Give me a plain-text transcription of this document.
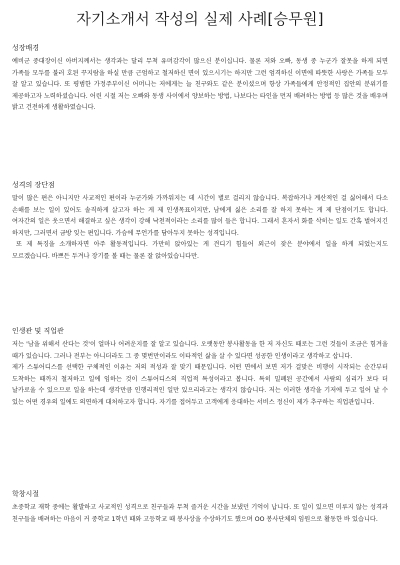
자기소개서 작성의 실제 사례[승무원]
성장배경

예비군 중대장이신 아버지께서는 생각과는 달리 무척 유머감각이 많으신 분이십니다. 물론 저와 오빠, 동생 중 누군가 잘못을 하게 되면 가족들 모두를 불러 호된 꾸지람을 하실 만큼 근엄하고 철저하신 면이 있으시기는 하지만 그런 엄격하신 이면에 따뜻한 사랑은 가족들 모두 잘 알고 있습니다. 또 평범한 가정주부이신 어머니는 저에게는 늘 친구와도 같은 분이셨으며 항상 가족들에게 안정적인 집안의 분위기를 제공하고자 노력하셨습니다. 어린 시절 저는 오빠와 동생 사이에서 양보하는 방법, 나보다는 타인을 먼저 배려하는 방법 등 많은 것을 배우며 밝고 건전하게 생활하였습니다.

성격의 장단점

말이 많은 편은 아니지만 사교적인 편이라 누군가와 가까워지는 데 시간이 별로 걸리지 않습니다. 복잡하거나 계산적인 걸 싫어해서 다소 손해를 보는 일이 있어도 솔직하게 살고자 하는 게 제 인생목표이지만, 남에게 싫은 소리를 잘 하지 못하는 게 제 단점이기도 합니다. 여자간의 일은 웃으면서 해결하고 싶은 생각이 강해 낙천적이라는 소리를 많이 들은 합니다. 그래서 혼자서 화를 삭히는 일도 간혹 벌어지긴 하지만, 그러면서 금방 잊는 편입니다. 가슴에 무언가를 담아두지 못하는 성격입니다.

또 제 특징을 소개하자면 아주 활동적입니다. 가만히 앉아있는 게 견디기 힘들어 외근이 잦은 분야에서 일을 하게 되었는지도 모르겠습니다. 바쁘든 두겨나 장기를 볼 때는 물론 잘 앉아있습니다만.

인생관 및 직업관

저는 '남을 위해서 산다는 것'이 얼마나 어려운지를 잘 알고 있습니다. 오랫동안 봉사활동을 한 저 자신도 때로는 그런 것들이 조금은 힘겨울 때가 있습니다. 그러나 전부는 아니더라도 그 중 몇번만이라도 이타적인 삶을 살 수 있다면 성공한 인생이라고 생각하고 삽니다.

제가 스튜어디스를 선택한 구체적인 이유는 저의 적성과 잘 맞기 때문입니다. 어떤 면에서 보면 저가 걸맞은 비행이 시작되는 순간부터 도착하는 때까지 철저하고 일에 임하는 것이 스튜어디스의 직업적 특성이라고 봅니다. 특히 밀폐된 공간에서 사람의 심리가 보다 더 날카로울 수 있으므로 일을 하는데 생각만큼 인행리적인 일만 있으리라고는 생각지 않습니다. 저는 이러한 생각을 기저에 두고 일어 날 수 있는 어떤 경우의 일에도 의연하게 대처하고자 합니다. 자기를 접어두고 고객에게 응대하는 서비스 정신이 제가 추구하는 직업관입니다.

학창시절

초중학교 재학 중에는 활발하고 사교적인 성격으로 친구들과 무척 즐거운 시간을 보냈던 기억이 납니다. 또 일이 있으면 미루지 않는 성격과 친구들을 배려하는 마음이 커 중학교 1학년 때와 고등학교 때 봉사상을 수상하기도 했으며 OO 봉사단체의 임원으로 활동한 바 있습니다.
